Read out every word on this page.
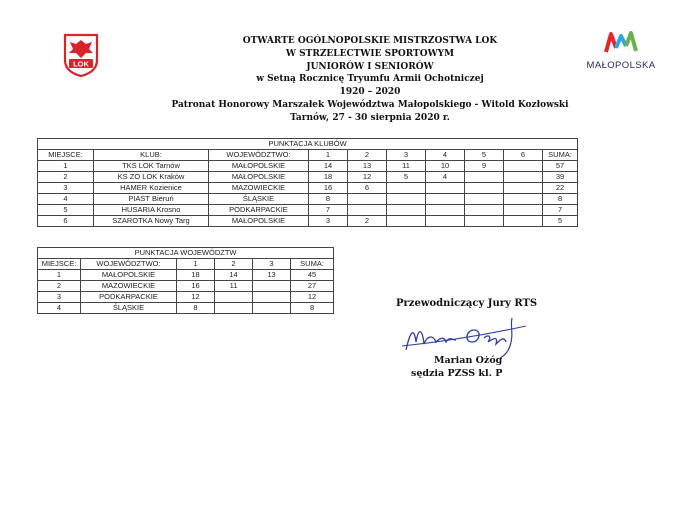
LOK	MAŁOPOLSKA
OTWARTE OGÓLNOPOLSKIE MISTRZOSTWA LOK
W STRZELECTWIE SPORTOWYM
JUNIORÓW I SENIORÓW
w Setną Rocznicę Tryumfu Armii Ochotniczej
1920 – 2020
Patronat Honorowy Marszałek Województwa Małopolskiego - Witold Kozłowski
Tarnów, 27 - 30 sierpnia 2020 r.
PUNKTACJA KLUBÓW									
MIEJSCE:	KLUB:	WOJEWÓDZTWO:	1	2	3	4	5	6	SUMA:
1	TKS LOK Tarnów	MAŁOPOLSKIE	14	13	11	10	9		57
2	KS ZO LOK Kraków	MAŁOPOLSKIE	18	12	5	4			39
3	HAMER Kozienice	MAZOWIECKIE	16	6					22
4	PIAST Bieruń	ŚLĄSKIE	8						8
5	HUSARIA Krosno	PODKARPACKIE	7						7
6	SZAROTKA Nowy Targ	MAŁOPOLSKIE	3	2					5
PUNKTACJA WOJEWÓDZTW					
MIEJSCE:	WOJEWÓDZTWO:	1	2	3	SUMA:
1	MAŁOPOLSKIE	18	14	13	45
2	MAZOWIECKIE	16	11		27
3	PODKARPACKIE	12			12
4	ŚLĄSKIE	8			8	Przewodniczący Jury RTS
Marian Ożóg
sędzia PZSS kl. P
